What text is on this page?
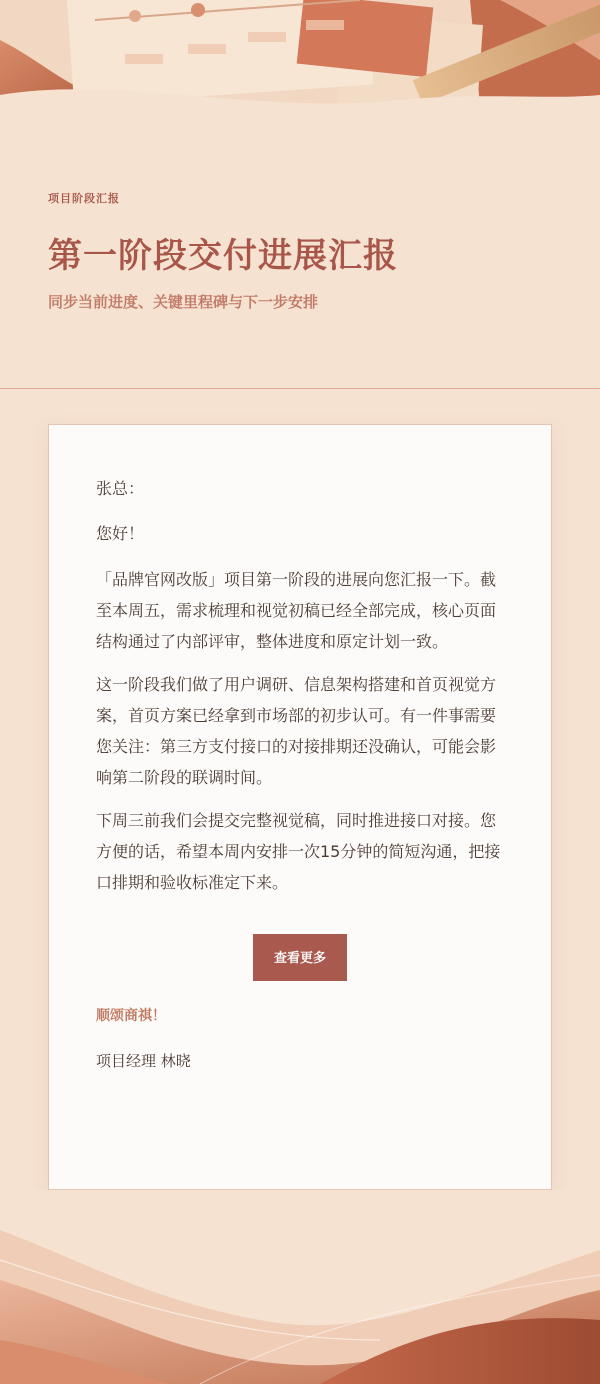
项目阶段汇报
第一阶段交付进展汇报
同步当前进度、关键里程碑与下一步安排

张总：

您好！

「品牌官网改版」项目第一阶段的进展向您汇报一下。截至本周五，需求梳理和视觉初稿已经全部完成，核心页面结构通过了内部评审，整体进度和原定计划一致。

这一阶段我们做了用户调研、信息架构搭建和首页视觉方案，首页方案已经拿到市场部的初步认可。有一件事需要您关注：第三方支付接口的对接排期还没确认，可能会影响第二阶段的联调时间。

下周三前我们会提交完整视觉稿，同时推进接口对接。您方便的话，希望本周内安排一次15分钟的简短沟通，把接口排期和验收标准定下来。

查看更多
顺颂商祺！
项目经理 林晓
